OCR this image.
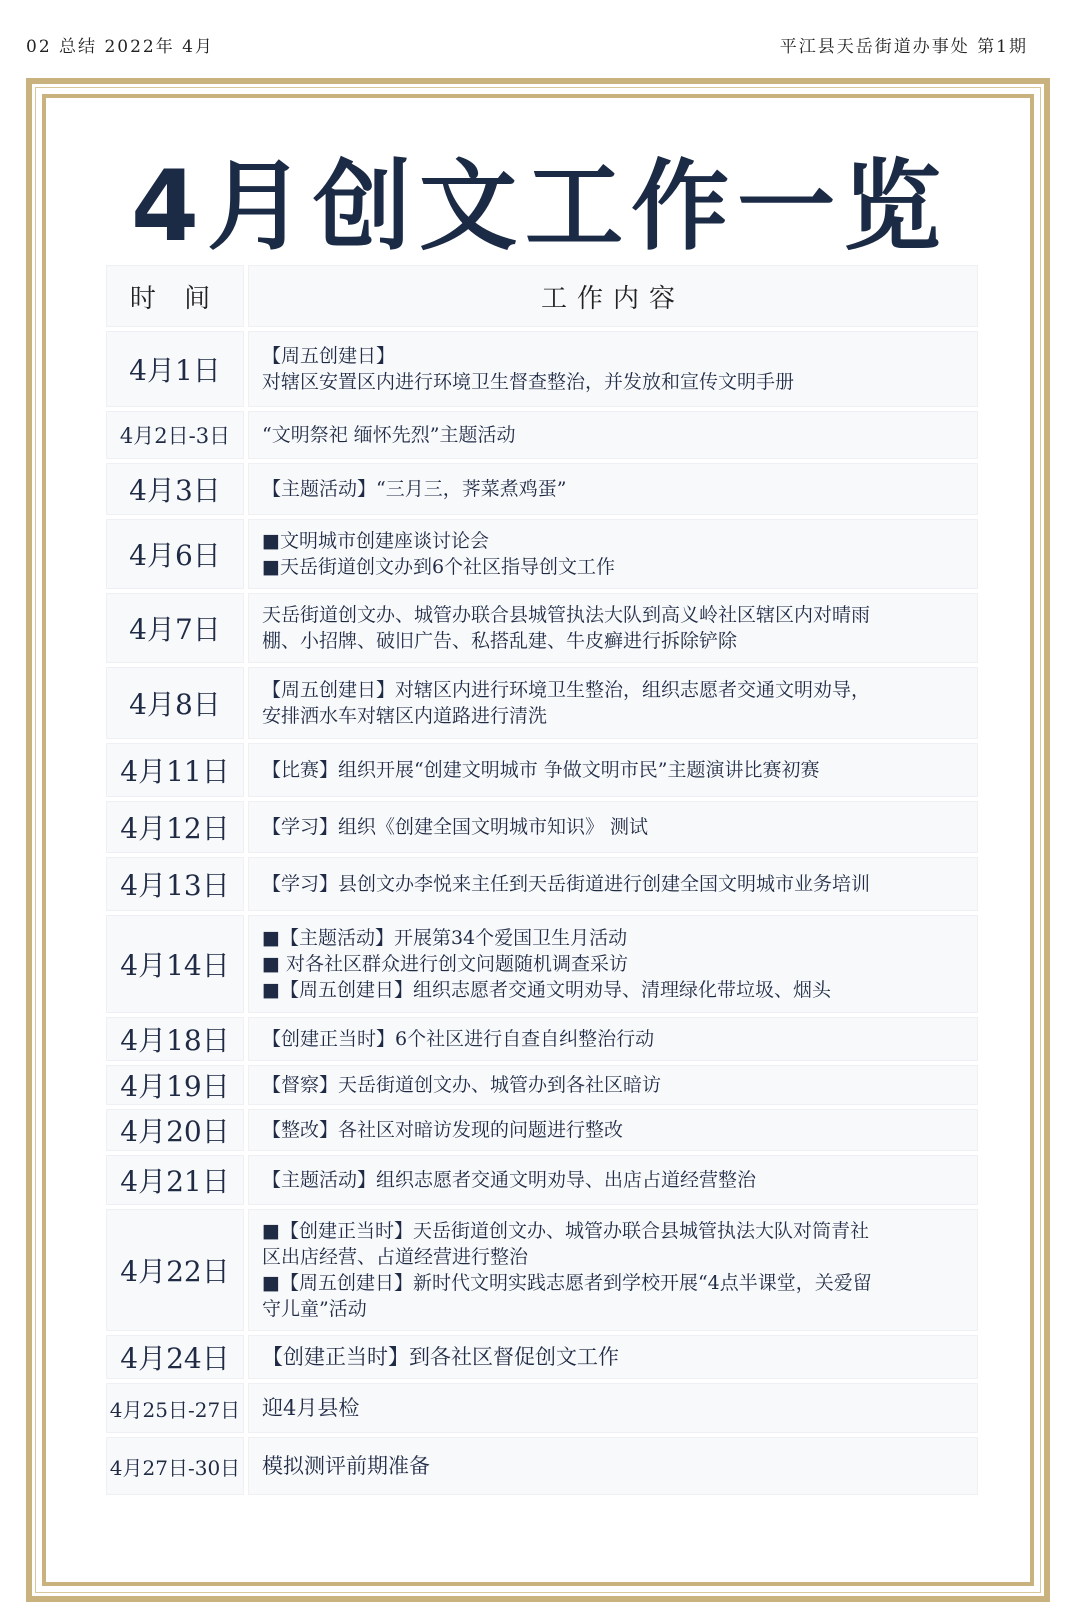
02 总结 2022年 4月	平江县天岳街道办事处 第1期
4月创文工作一览
时 间	工作内容
4月1日	【周五创建日】
对辖区安置区内进行环境卫生督查整治，并发放和宣传文明手册
4月2日-3日	“文明祭祀 缅怀先烈”主题活动
4月3日	【主题活动】“三月三，荠菜煮鸡蛋”
4月6日	■文明城市创建座谈讨论会
■天岳街道创文办到6个社区指导创文工作
4月7日	天岳街道创文办、城管办联合县城管执法大队到高义岭社区辖区内对晴雨
棚、小招牌、破旧广告、私搭乱建、牛皮癣进行拆除铲除
4月8日	【周五创建日】对辖区内进行环境卫生整治，组织志愿者交通文明劝导，
安排洒水车对辖区内道路进行清洗
4月11日	【比赛】组织开展“创建文明城市 争做文明市民”主题演讲比赛初赛
4月12日	【学习】组织《创建全国文明城市知识》 测试
4月13日	【学习】县创文办李悦来主任到天岳街道进行创建全国文明城市业务培训
4月14日
■【主题活动】开展第34个爱国卫生月活动
■ 对各社区群众进行创文问题随机调查采访
■【周五创建日】组织志愿者交通文明劝导、清理绿化带垃圾、烟头
4月18日	【创建正当时】6个社区进行自查自纠整治行动
4月19日	【督察】天岳街道创文办、城管办到各社区暗访
4月20日	【整改】各社区对暗访发现的问题进行整改
4月21日	【主题活动】组织志愿者交通文明劝导、出店占道经营整治
4月22日
■【创建正当时】天岳街道创文办、城管办联合县城管执法大队对筒青社
区出店经营、占道经营进行整治
■【周五创建日】新时代文明实践志愿者到学校开展“4点半课堂，关爱留
守儿童”活动
4月24日	【创建正当时】到各社区督促创文工作
4月25日-27日 迎4月县检
4月27日-30日 模拟测评前期准备
